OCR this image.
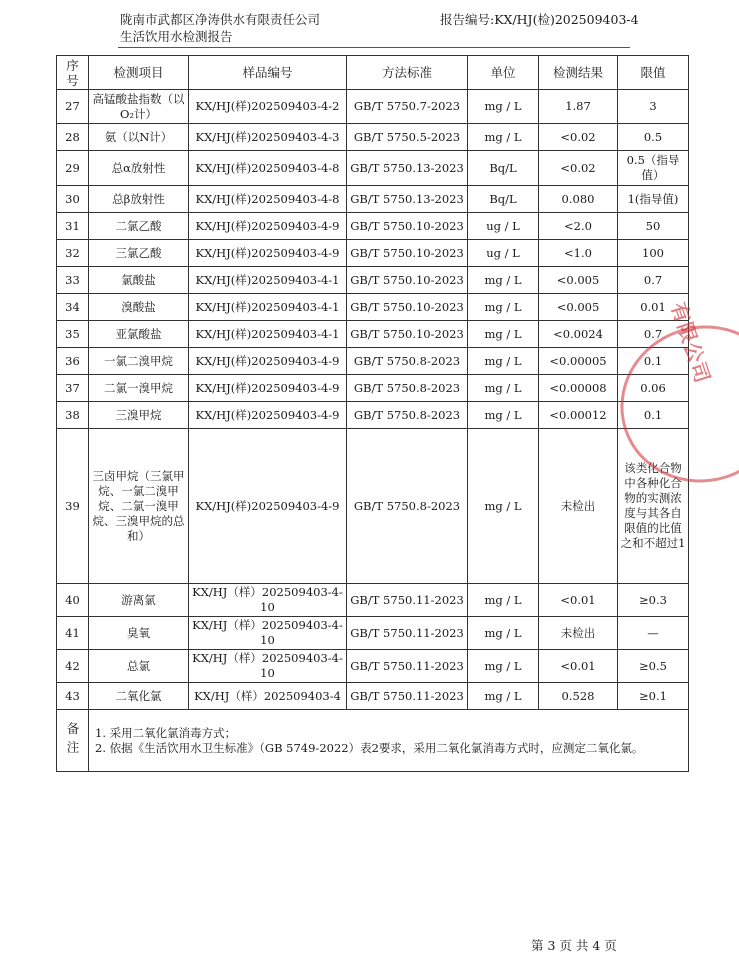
陇南市武都区净涛供水有限责任公司
生活饮用水检测报告
报告编号:KX/HJ(检)202509403-4
序
号	检测项目	样品编号	方法标准	单位	检测结果	限值
27	高锰酸盐指数（以O₂计）	KX/HJ(样)202509403-4-2	GB/T 5750.7-2023	mg / L	1.87	3
28	氨（以N计）	KX/HJ(样)202509403-4-3	GB/T 5750.5-2023	mg / L	<0.02	0.5
29	总α放射性	KX/HJ(样)202509403-4-8	GB/T 5750.13-2023	Bq/L	<0.02	0.5（指导值）
30	总β放射性	KX/HJ(样)202509403-4-8	GB/T 5750.13-2023	Bq/L	0.080	1(指导值)
31	二氯乙酸	KX/HJ(样)202509403-4-9	GB/T 5750.10-2023	ug / L	<2.0	50
32	三氯乙酸	KX/HJ(样)202509403-4-9	GB/T 5750.10-2023	ug / L	<1.0	100
33	氯酸盐	KX/HJ(样)202509403-4-1	GB/T 5750.10-2023	mg / L	<0.005	0.7
34	溴酸盐	KX/HJ(样)202509403-4-1	GB/T 5750.10-2023	mg / L	<0.005	0.01
35	亚氯酸盐	KX/HJ(样)202509403-4-1	GB/T 5750.10-2023	mg / L	<0.0024	0.7
36	一氯二溴甲烷	KX/HJ(样)202509403-4-9	GB/T 5750.8-2023	mg / L	<0.00005	0.1
37	二氯一溴甲烷	KX/HJ(样)202509403-4-9	GB/T 5750.8-2023	mg / L	<0.00008	0.06
38	三溴甲烷	KX/HJ(样)202509403-4-9	GB/T 5750.8-2023	mg / L	<0.00012	0.1
39	三卤甲烷（三氯甲烷、一氯二溴甲烷、二氯一溴甲烷、三溴甲烷的总和）	KX/HJ(样)202509403-4-9	GB/T 5750.8-2023	mg / L	未检出	该类化合物中各种化合物的实测浓度与其各自限值的比值之和不超过1
40	游离氯	KX/HJ（样）202509403-4-10	GB/T 5750.11-2023	mg / L	<0.01	≥0.3
41	臭氧	KX/HJ（样）202509403-4-10	GB/T 5750.11-2023	mg / L	未检出	—
42	总氯	KX/HJ（样）202509403-4-10	GB/T 5750.11-2023	mg / L	<0.01	≥0.5
43	二氧化氯	KX/HJ（样）202509403-4	GB/T 5750.11-2023	mg / L	0.528	≥0.1
备注	1. 采用二氧化氯消毒方式；
2. 依据《生活饮用水卫生标准》（GB 5749-2022）表2要求，采用二氧化氯消毒方式时，应测定二氧化氯。					
有限公司
第 3 页 共 4 页
